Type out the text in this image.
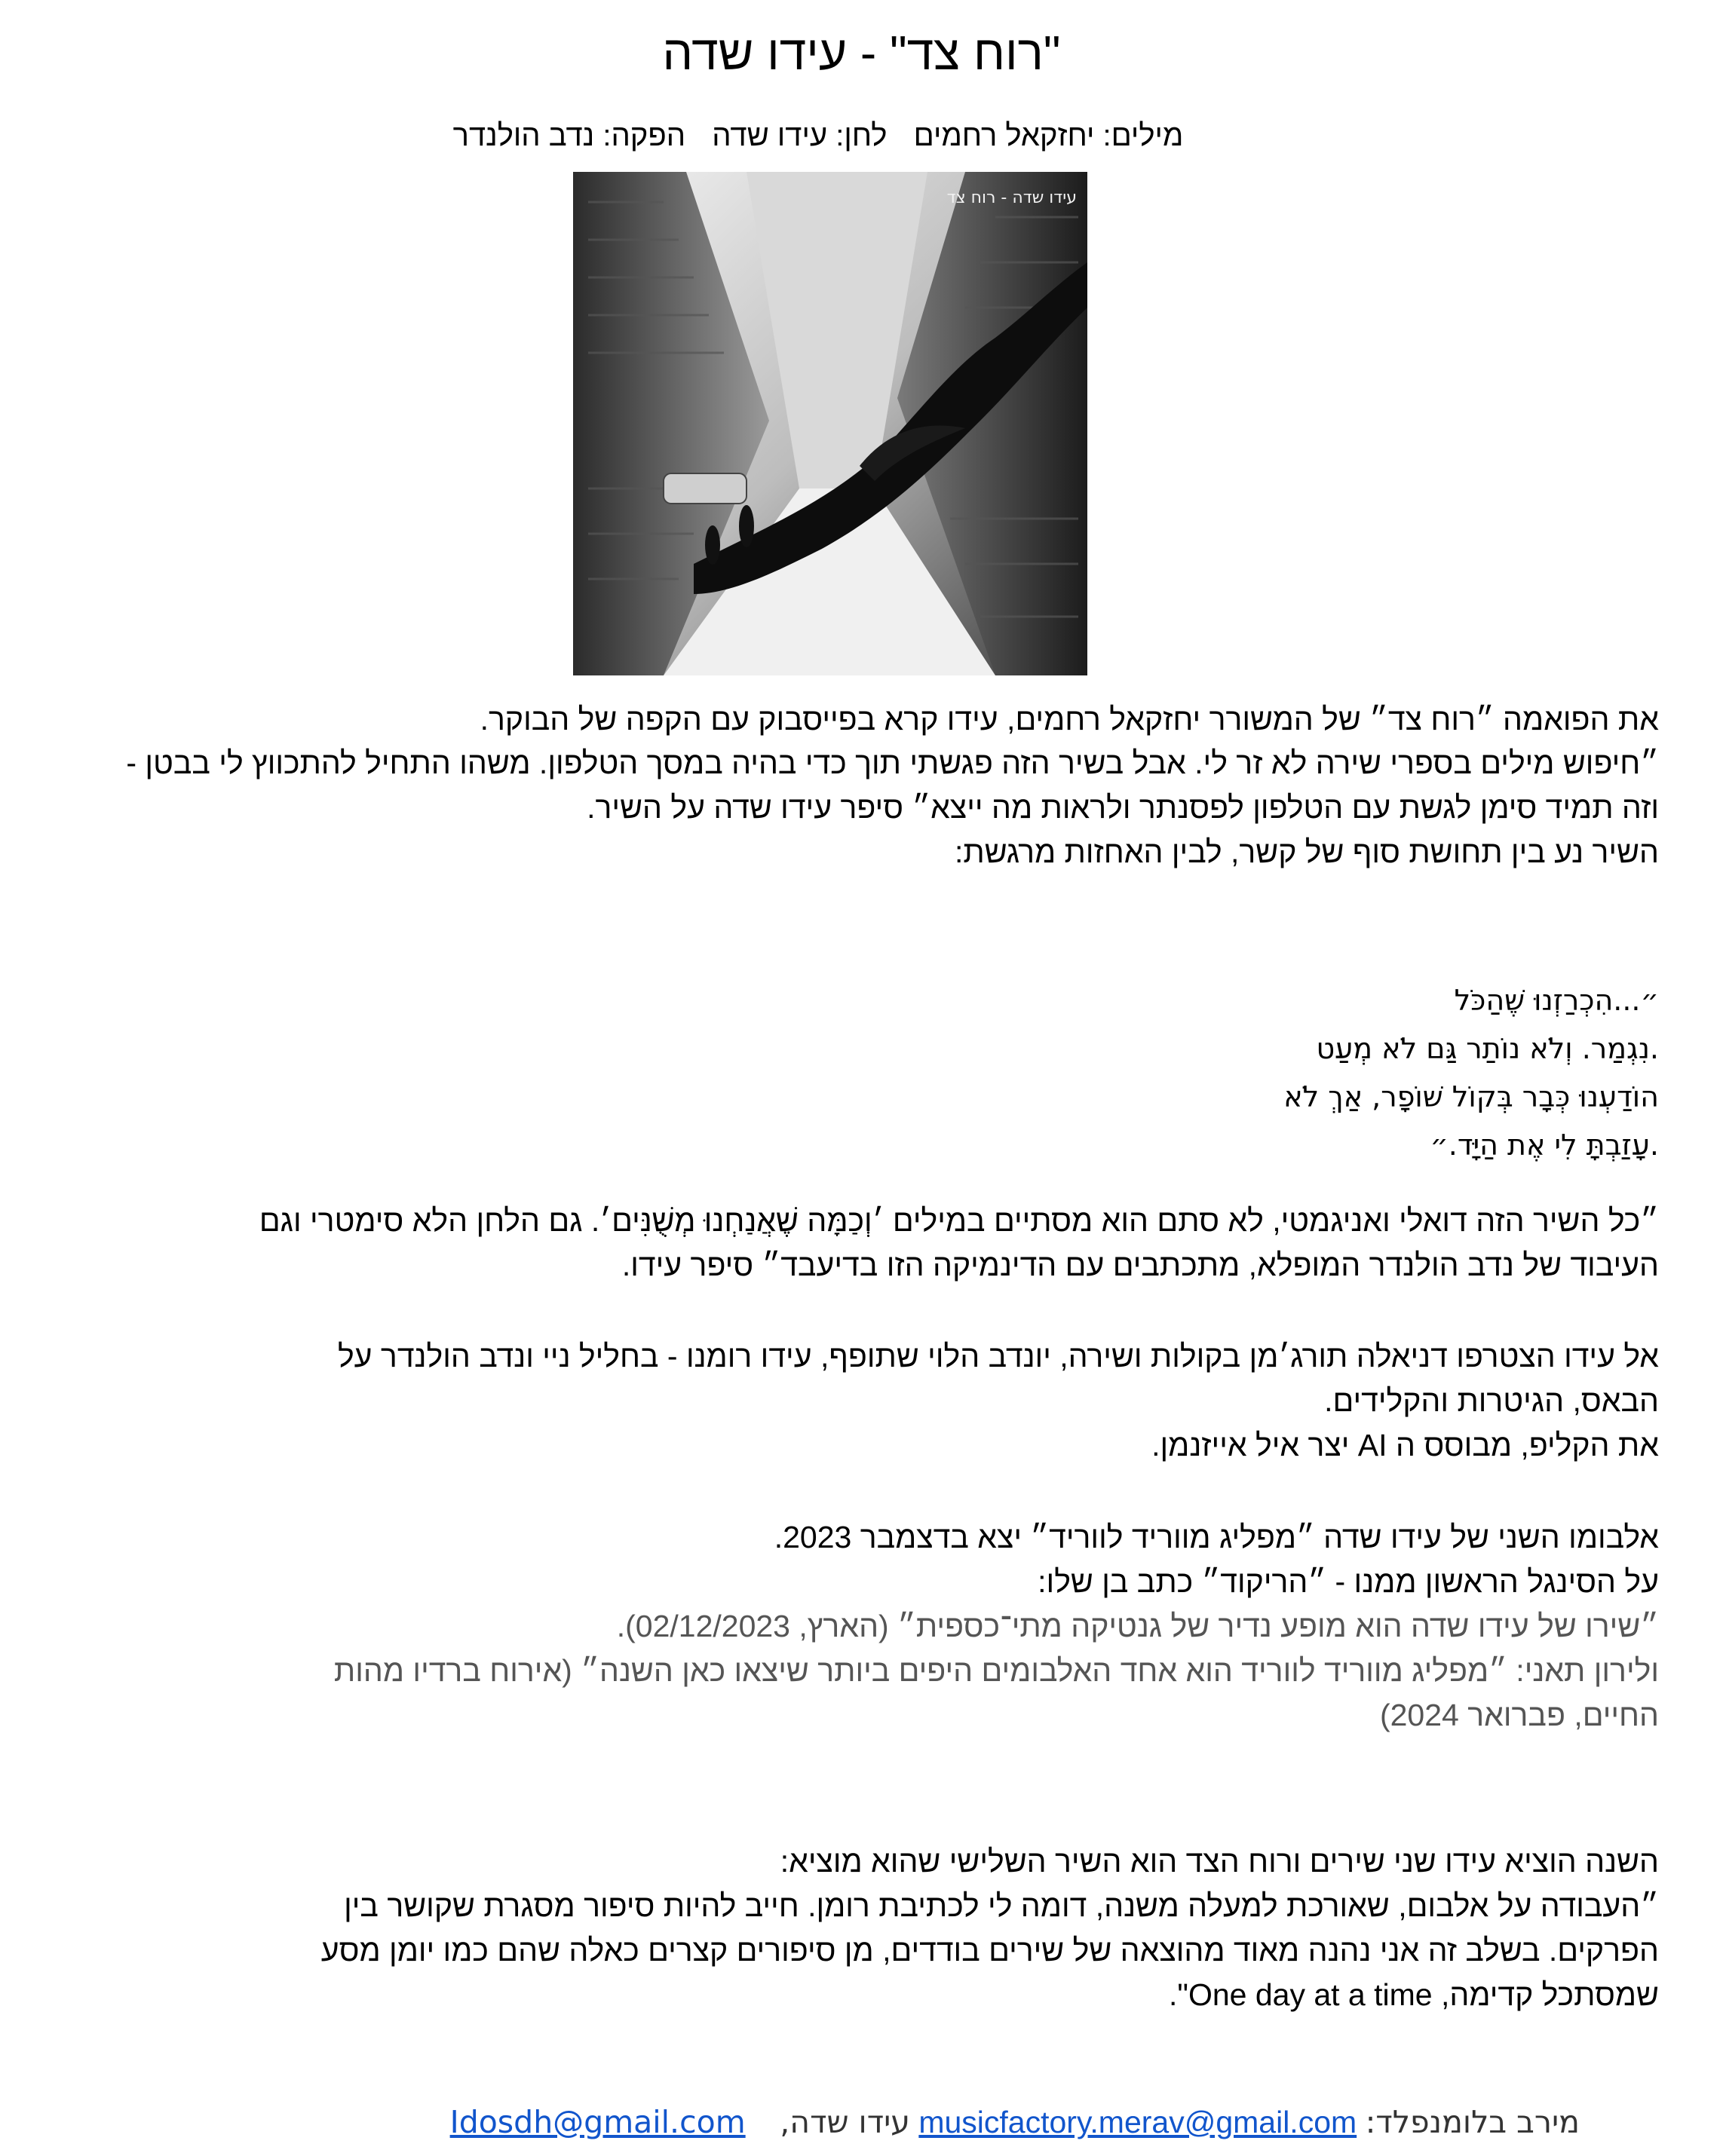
"רוח צד" - עידו שדה
מילים: יחזקאל רחמים לחן: עידו שדה הפקה: נדב הולנדר
עידו שדה - רוח צד
את הפואמה ״רוח צד״ של המשורר יחזקאל רחמים, עידו קרא בפייסבוק עם הקפה של הבוקר.
״חיפוש מילים בספרי שירה לא זר לי. אבל בשיר הזה פגשתי תוך כדי בהיה במסך הטלפון. משהו התחיל להתכווץ לי בבטן -
וזה תמיד סימן לגשת עם הטלפון לפסנתר ולראות מה ייצא״ סיפר עידו שדה על השיר.
השיר נע בין תחושת סוף של קשר, לבין האחזות מרגשת:
״...הִכְרַזְנוּ שֶׁהַכֹּל
.נִגְמַר. וְלֹא נוֹתַר גַּם לֹא מְעַט
הוֹדַעְנוּ כְּבָר בְּקוֹל שׁוֹפָר, אַךְ לֹא
.עָזַבְתָּ לִי אֶת הַיָּד.״
״כל השיר הזה דואלי ואניגמטי, לא סתם הוא מסתיים במילים ׳וְכַמָּה שֶׁאֲנַחְנוּ מְשֻׁנִּים׳. גם הלחן הלא סימטרי וגם
העיבוד של נדב הולנדר המופלא, מתכתבים עם הדינמיקה הזו בדיעבד״ סיפר עידו.
אל עידו הצטרפו דניאלה תורג׳מן בקולות ושירה, יונדב הלוי שתופף, עידו רומנו - בחליל ניי ונדב הולנדר על
הבאס, הגיטרות והקלידים.
את הקליפ, מבוסס ה AI יצר איל אייזנמן.
אלבומו השני של עידו שדה ״מפליג מווריד לווריד״ יצא בדצמבר 2023.
על הסינגל הראשון ממנו - ״הריקוד״ כתב בן שלו:
״שירו של עידו שדה הוא מופע נדיר של גנטיקה מתי־כספית״ (הארץ, 02/12/2023).
ולירון תאני: ״מפליג מווריד לווריד הוא אחד האלבומים היפים ביותר שיצאו כאן השנה״ (אירוח ברדיו מהות
החיים, פברואר 2024)
השנה הוציא עידו שני שירים ורוח הצד הוא השיר השלישי שהוא מוציא:
״העבודה על אלבום, שאורכת למעלה משנה, דומה לי לכתיבת רומן. חייב להיות סיפור מסגרת שקושר בין
הפרקים. בשלב זה אני נהנה מאוד מהוצאה של שירים בודדים, מן סיפורים קצרים כאלה שהם כמו יומן מסע
שמסתכל קדימה, One day at a time".
מירב בלומנפלד: musicfactory.merav@gmail.com עידו שדה,    Idosdh@gmail.com
